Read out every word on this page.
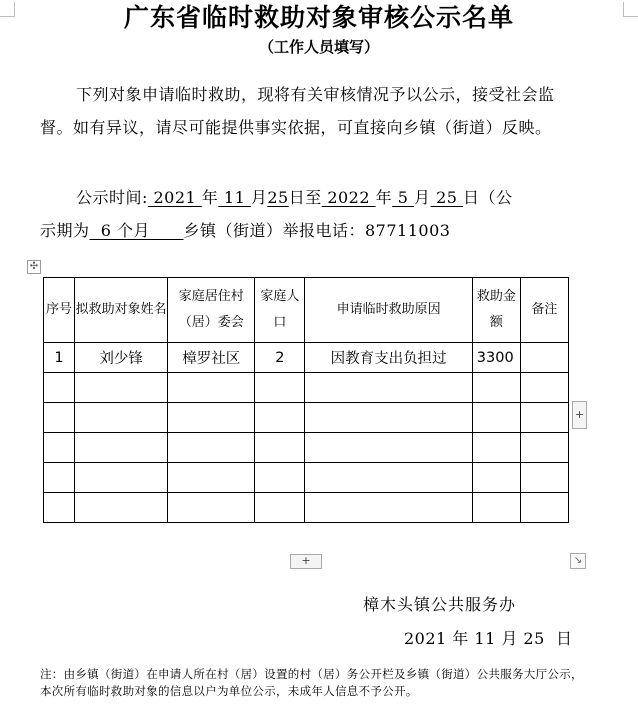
广东省临时救助对象审核公示名单
（工作人员填写）
下列对象申请临时救助，现将有关审核情况予以公示，接受社会监督。如有异议，请尽可能提供事实依据，可直接向乡镇（街道）反映。
公示时间: 2021 年 11 月25日至 2022 年 5 月 25 日（公
示期为  6 个月      乡镇（街道）举报电话：87711003
✣
序号	拟救助对象姓名	家庭居住村（居）委会	家庭人口	申请临时救助原因	救助金额	备注
1	刘少锋	樟罗社区	2	因教育支出负担过	3300	

+
+	↘
樟木头镇公共服务办
2021 年 11 月 25  日
注：由乡镇（街道）在申请人所在村（居）设置的村（居）务公开栏及乡镇（街道）公共服务大厅公示，本次所有临时救助对象的信息以户为单位公示，未成年人信息不予公开。
